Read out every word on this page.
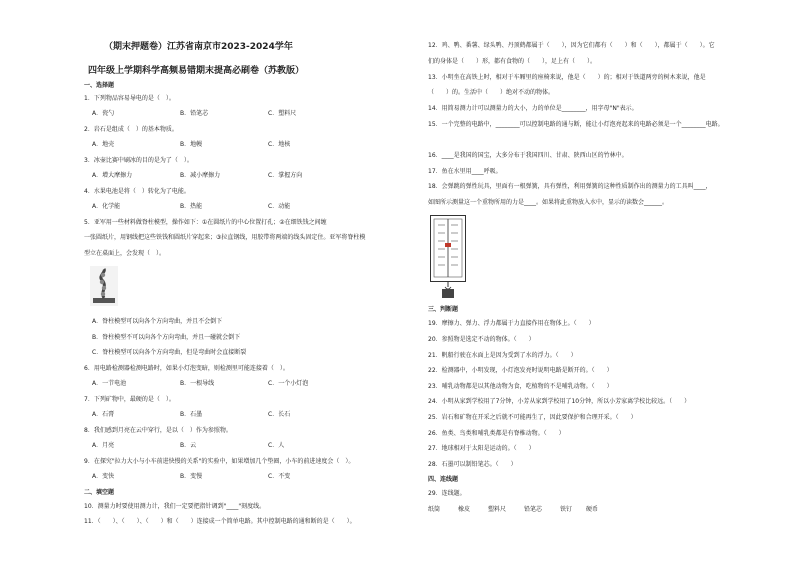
（期末押题卷）江苏省南京市2023-2024学年
四年级上学期科学高频易错期末提高必刷卷（苏教版）
一、选择题
1．下列物品容易导电的是（　）。
A．瓷勺	B．铅笔芯	C．塑料尺
2．岩石是组成（　）的基本物质。
A．地壳	B．地幔	C．地核
3．冰壶比赛中刷冰的目的是为了（　）。
A．增大摩擦力	B．减小摩擦力	C．掌握方向
4．水果电池是将（　）转化为了电能。
A．化学能	B．热能	C．动能
5．亚军用一些材料做脊柱模型，操作如下：①在圆纸片的中心位置打孔；②在细铁钱之间缠
一张圆纸片，用钢线把这些铁钱和圆纸片穿起来；③拉直钢线，用胶带将两端的线头固定住。亚军将脊柱模
型立在桌面上，会发现（　）。
A．脊柱模型可以向各个方向弯曲，并且不会倒下
B．脊柱模型不可以向各个方向弯曲，并且一碰就会倒下
C．脊柱模型可以向各个方向弯曲，但是弯曲时会直接断裂
6．用电路检测器检测电路时，如果小灯泡变暗，则检测里可能连接着（　）。
A．一节电池	B．一根导线	C．一个小灯泡
7．下列矿物中，最硬的是（　）。
A．石膏	B．石墨	C．长石
8．我们感到月亮在云中穿行，是以（　）作为参照物。
A．月亮	B．云	C．人
9．在探究"拉力大小与小车前进快慢的关系"的实验中，如果增加几个垫圈，小车的前进速度会（　）。
A．变快	B．变慢	C．不变
二、填空题
10．测量力时要使用测力计，我们一定要把指针调到"____"刻度线。
11．（　　）、（　　）、（　　）和（　　）连接成一个简单电路。其中控制电路的通和断的是（　　）。
12．鸡、鸭、番薯、绿头鸭、丹顶鹤都属于（　　），因为它们都有（　　）和（　　），都属于（　　）。它
们的身体是（　　）形，都有食物的（　　），足上有（　　）。
13．小明坐在高铁上时，相对于车厢里的座椅来说，他是（　　）的；相对于铁道两旁的树木来说，他是
（　　）的。生活中（　　）绝对不动的物体。
14．用简易测力计可以测量力的大小，力的单位是________，用字母"N"表示。
15．一个完整的电路中，________可以控制电路的通与断，能让小灯泡亮起来的电路必须是一个________电路。
16．____是我国的国宝，大多分布于我国四川、甘肃、陕西山区的竹林中。
17．鱼在水里用____呼吸。
18．会弹跳的弹性玩具，里面有一根弹簧，具有弹性，利用弹簧的这种性质制作出的测量力的工具叫____，
如图所示测量这一个重物所用的力是____。如果将此重物放入水中，显示的读数会______。
三、判断题
19．摩擦力、弹力、浮力都属于力直接作用在物体上。（　　）
20．参照物是选定不动的物体。（　　）
21．帆船行驶在水面上是因为受到了水的浮力。（　　）
22．检测器中，小明发现，小灯泡发亮时说明电路是断开的。（　　）
23．哺乳动物都是以其他动物为食，吃植物的不是哺乳动物。（　　）
24．小明从家到学校用了7分钟，小芳从家到学校用了10分钟，所以小芳家离学校比较远。（　　）
25．岩石和矿物在开采之后就不可能再生了，因此要保护和合理开采。（　　）
26．鱼类、鸟类和哺乳类都是有脊椎动物。（　　）
27．地球相对于太阳是运动的。（　　）
28．石墨可以制铅笔芯。（　　）
四、连线题
29．连线题。
纸筒	橡皮	塑料尺	铅笔芯	铁钉 硬币
